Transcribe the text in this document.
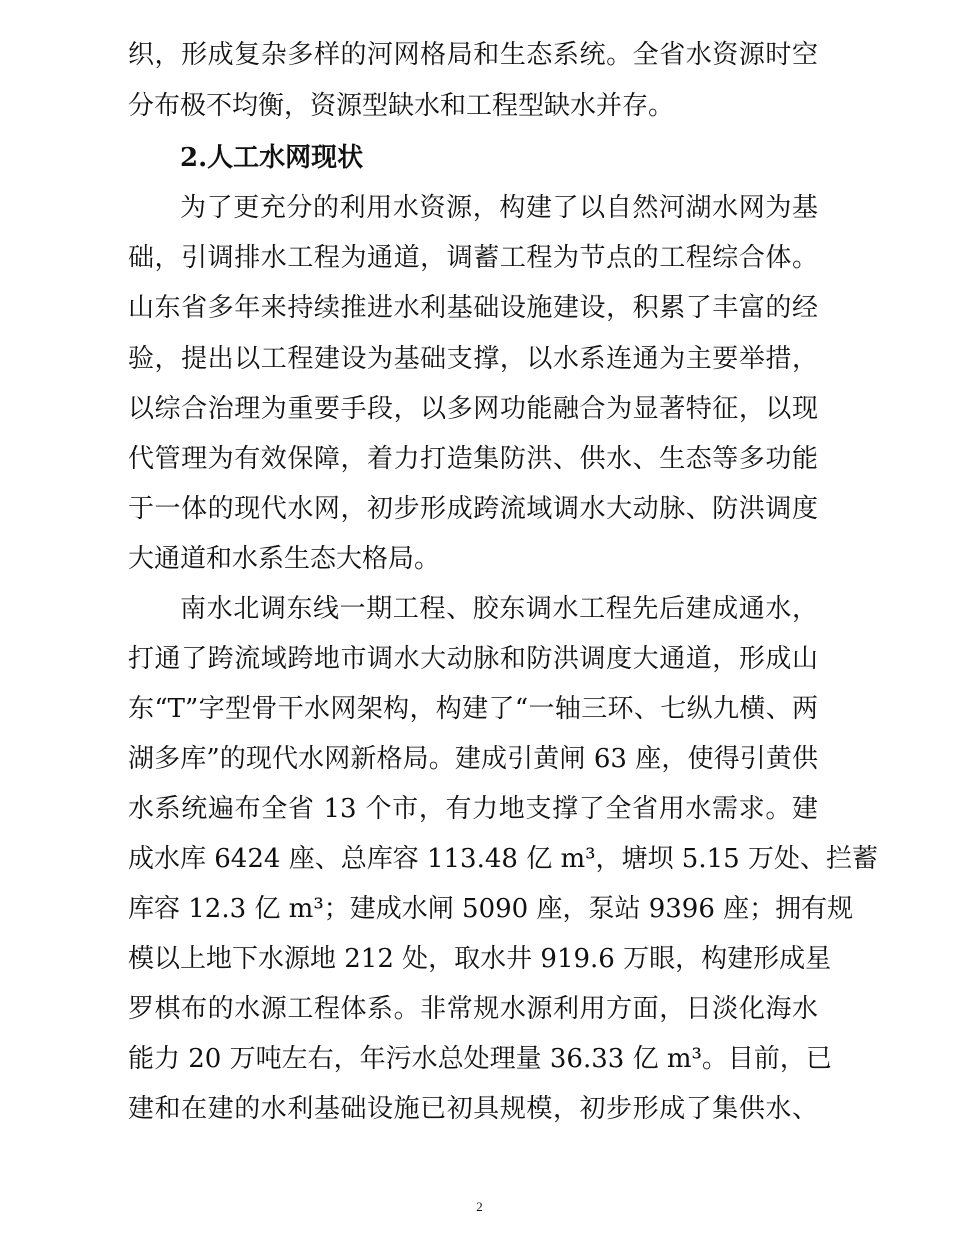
织，形成复杂多样的河网格局和生态系统。全省水资源时空
分布极不均衡，资源型缺水和工程型缺水并存。
2.人工水网现状
为了更充分的利用水资源，构建了以自然河湖水网为基
础，引调排水工程为通道，调蓄工程为节点的工程综合体。
山东省多年来持续推进水利基础设施建设，积累了丰富的经
验，提出以工程建设为基础支撑，以水系连通为主要举措，
以综合治理为重要手段，以多网功能融合为显著特征，以现
代管理为有效保障，着力打造集防洪、供水、生态等多功能
于一体的现代水网，初步形成跨流域调水大动脉、防洪调度
大通道和水系生态大格局。
南水北调东线一期工程、胶东调水工程先后建成通水，
打通了跨流域跨地市调水大动脉和防洪调度大通道，形成山
东“T”字型骨干水网架构，构建了“一轴三环、七纵九横、两
湖多库”的现代水网新格局。建成引黄闸 63 座，使得引黄供
水系统遍布全省 13 个市，有力地支撑了全省用水需求。建
成水库 6424 座、总库容 113.48 亿 m³，塘坝 5.15 万处、拦蓄
库容 12.3 亿 m³；建成水闸 5090 座，泵站 9396 座；拥有规
模以上地下水源地 212 处，取水井 919.6 万眼，构建形成星
罗棋布的水源工程体系。非常规水源利用方面，日淡化海水
能力 20 万吨左右，年污水总处理量 36.33 亿 m³。目前，已
建和在建的水利基础设施已初具规模，初步形成了集供水、
2
